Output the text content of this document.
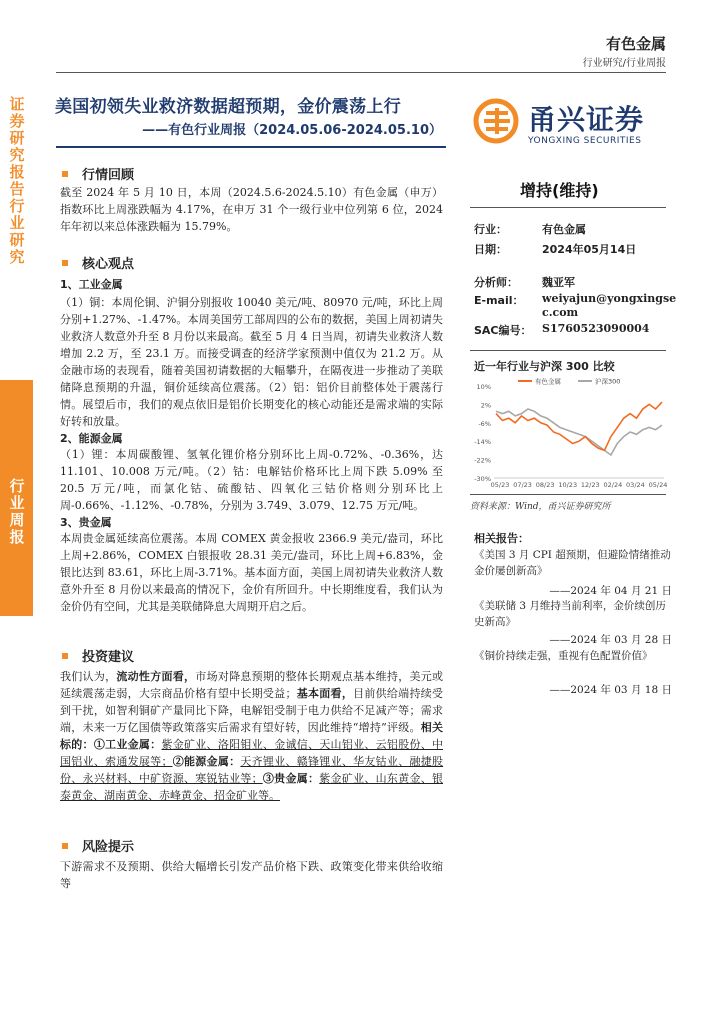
有色金属
行业研究/行业周报
证券研究报告 行业研究
行业周报
美国初领失业救济数据超预期，金价震荡上行
——有色行业周报（2024.05.06-2024.05.10）	甬兴证券
YONGXING SECURITIES
行情回顾
截至 2024 年 5 月 10 日，本周（2024.5.6-2024.5.10）有色金属（申万）指数环比上周涨跌幅为 4.17%，在申万 31 个一级行业中位列第 6 位，2024 年年初以来总体涨跌幅为 15.79%。
核心观点
1、工业金属
（1）铜：本周伦铜、沪铜分别报收 10040 美元/吨、80970 元/吨，环比上周分别+1.27%、-1.47%。本周美国劳工部周四的公布的数据，美国上周初请失业救济人数意外升至 8 月份以来最高。截至 5 月 4 日当周，初请失业救济人数增加 2.2 万，至 23.1 万。而接受调查的经济学家预测中值仅为 21.2 万。从金融市场的表现看，随着美国初请数据的大幅攀升，在隔夜进一步推动了美联储降息预期的升温，铜价延续高位震荡。（2）铝：铝价目前整体处于震荡行情。展望后市，我们的观点依旧是铝价长期变化的核心动能还是需求端的实际好转和放量。
2、能源金属
（1）锂：本周碳酸锂、氢氧化锂价格分别环比上周-0.72%、-0.36%，达 11.101、10.008 万元/吨。（2）钴：电解钴价格环比上周下跌 5.09% 至 20.5 万元/吨，而氯化钴、硫酸钴、四氧化三钴价格则分别环比上周-0.66%、-1.12%、-0.78%，分别为 3.749、3.079、12.75 万元/吨。
3、贵金属
本周贵金属延续高位震荡。本周 COMEX 黄金报收 2366.9 美元/盎司，环比上周+2.86%，COMEX 白银报收 28.31 美元/盎司，环比上周+6.83%，金银比达到 83.61，环比上周-3.71%。基本面方面，美国上周初请失业救济人数意外升至 8 月份以来最高的情况下，金价有所回升。中长期维度看，我们认为金价仍有空间，尤其是美联储降息大周期开启之后。
投资建议
我们认为，流动性方面看，市场对降息预期的整体长期观点基本维持，美元或延续震荡走弱，大宗商品价格有望中长期受益；基本面看，目前供给端持续受到干扰，如智利铜矿产量同比下降，电解铝受制于电力供给不足减产等；需求端，未来一万亿国债等政策落实后需求有望好转，因此维持“增持”评级。相关标的：①工业金属：紫金矿业、洛阳钼业、金诚信、天山铝业、云铝股份、中国铝业、索通发展等；②能源金属：天齐锂业、赣锋锂业、华友钴业、融捷股份、永兴材料、中矿资源、寒锐钴业等；③贵金属：紫金矿业、山东黄金、银泰黄金、湖南黄金、赤峰黄金、招金矿业等。
风险提示
下游需求不及预期、供给大幅增长引发产品价格下跌、政策变化带来供给收缩等
增持(维持)
行业：	有色金属
日期：	2024年05月14日
分析师： 魏亚军
E-mail： weiyajun@yongxingse
c.com
SAC编号： S1760523090004
近一年行业与沪深 300 比较
10%
2%
-6%
-14%
-22%
-30%
05/23 07/23 08/23 10/23 12/23 02/24 03/24 05/24
有色金属	沪深300
资料来源：Wind，甬兴证券研究所
相关报告：
《美国 3 月 CPI 超预期，但避险情绪推动金价屡创新高》
——2024 年 04 月 21 日
《美联储 3 月维持当前利率，金价续创历史新高》
——2024 年 03 月 28 日
《铜价持续走强，重视有色配置价值》
——2024 年 03 月 18 日
